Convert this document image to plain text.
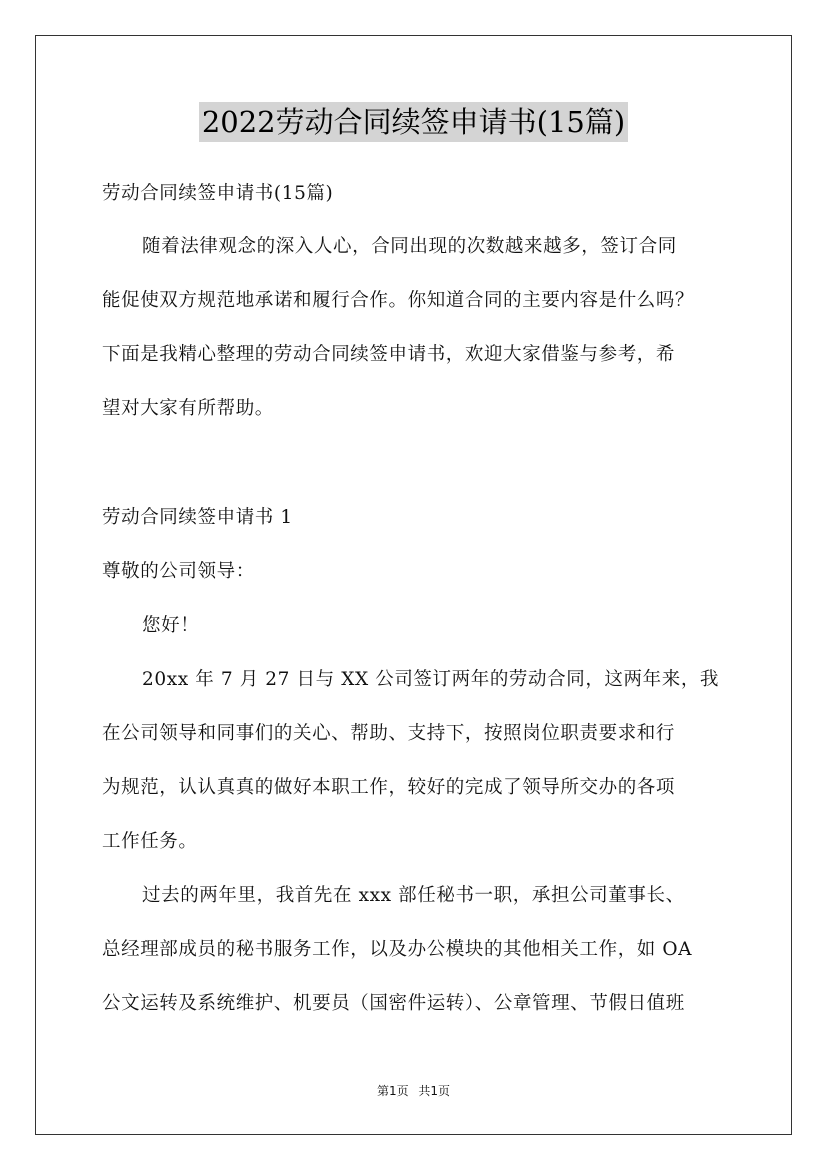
2022劳动合同续签申请书(15篇)
劳动合同续签申请书(15篇)
随着法律观念的深入人心，合同出现的次数越来越多，签订合同
能促使双方规范地承诺和履行合作。你知道合同的主要内容是什么吗？
下面是我精心整理的劳动合同续签申请书，欢迎大家借鉴与参考，希
望对大家有所帮助。
劳动合同续签申请书 1
尊敬的公司领导：
您好！
20xx 年 7 月 27 日与 XX 公司签订两年的劳动合同，这两年来，我
在公司领导和同事们的关心、帮助、支持下，按照岗位职责要求和行
为规范，认认真真的做好本职工作，较好的完成了领导所交办的各项
工作任务。
过去的两年里，我首先在 xxx 部任秘书一职，承担公司董事长、
总经理部成员的秘书服务工作，以及办公模块的其他相关工作，如 OA
公文运转及系统维护、机要员（国密件运转）、公章管理、节假日值班
第1页 共1页
